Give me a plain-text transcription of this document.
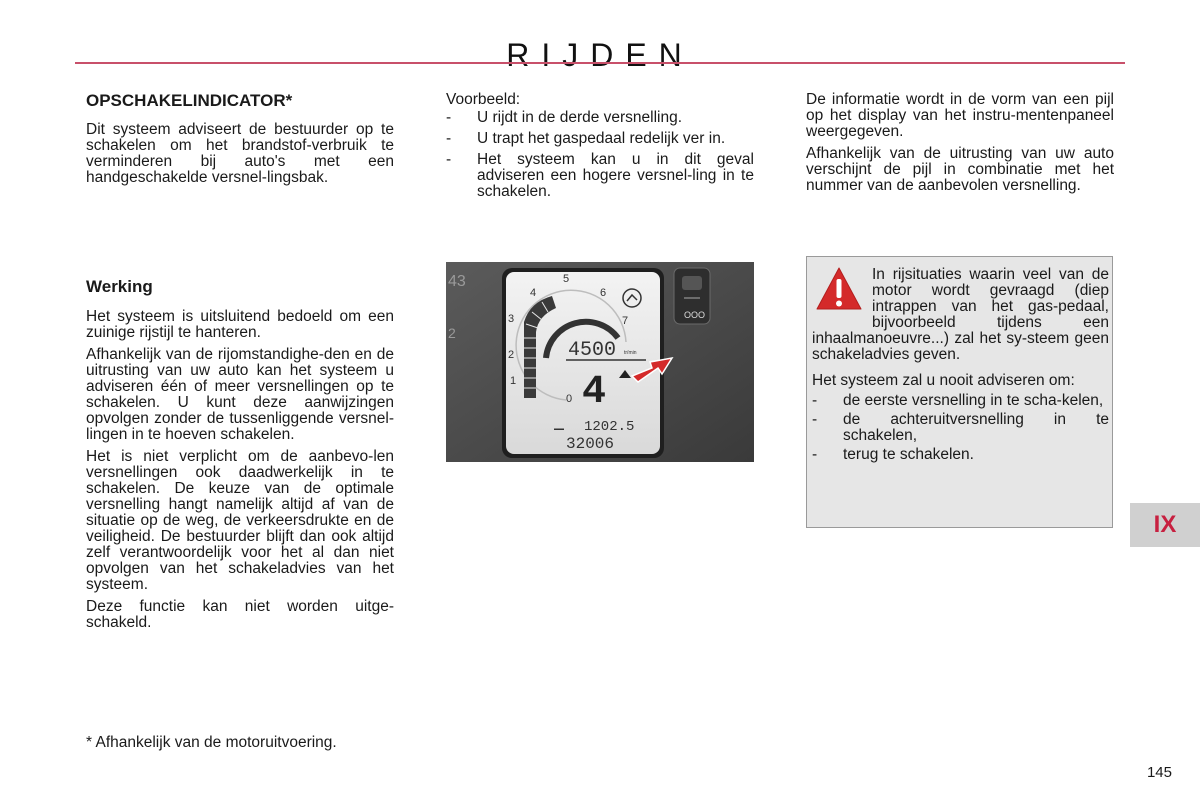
RIJDEN
OPSCHAKELINDICATOR*

Dit systeem adviseert de bestuurder op te schakelen om het brandstof-verbruik te verminderen bij auto's met een handgeschakelde versnel-lingsbak.

Werking

Het systeem is uitsluitend bedoeld om een zuinige rijstijl te hanteren.

Afhankelijk van de rijomstandighe-den en de uitrusting van uw auto kan het systeem u adviseren één of meer versnellingen op te schakelen. U kunt deze aanwijzingen opvolgen zonder de tussenliggende versnel-lingen in te hoeven schakelen.

Het is niet verplicht om de aanbevo-len versnellingen ook daadwerkelijk in te schakelen. De keuze van de optimale versnelling hangt namelijk altijd af van de situatie op de weg, de verkeersdrukte en de veiligheid. De bestuurder blijft dan ook altijd zelf verantwoordelijk voor het al dan niet opvolgen van het schakeladvies van het systeem.

Deze functie kan niet worden uitge-schakeld.

Voorbeeld:

- U rijdt in de derde versnelling.
- U trapt het gaspedaal redelijk ver in.
- Het systeem kan u in dit geval adviseren een hogere versnel-ling in te schakelen.
43
2
OOO
0
1
2
3
4
5
6
7
4500 tr/min
4
▬▬ 1202.5
32006

De informatie wordt in de vorm van een pijl op het display van het instru-mentenpaneel weergegeven.

Afhankelijk van de uitrusting van uw auto verschijnt de pijl in combinatie met het nummer van de aanbevolen versnelling.

In rijsituaties waarin veel van de motor wordt gevraagd (diep intrappen van het gas-pedaal, bijvoorbeeld tijdens een inhaalmanoeuvre...) zal het sy-steem geen schakeladvies geven.

Het systeem zal u nooit adviseren om:

- de eerste versnelling in te scha-kelen,
- de achteruitversnelling in te schakelen,
- terug te schakelen.
IX
* Afhankelijk van de motoruitvoering.
145
